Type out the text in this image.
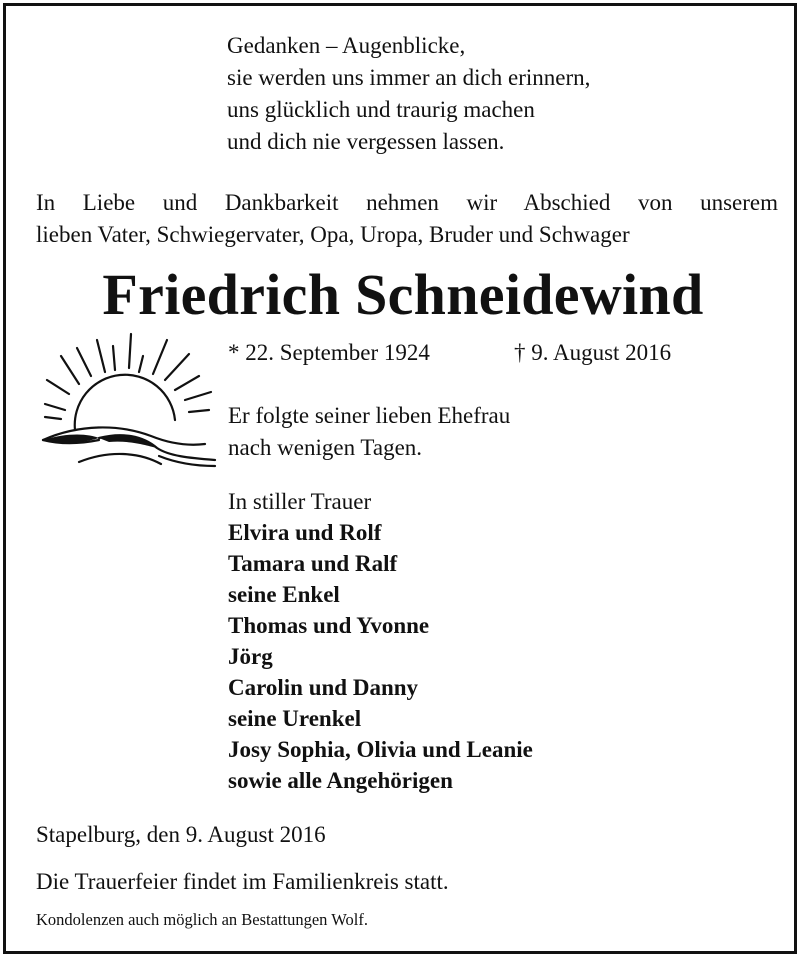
Gedanken – Augenblicke,
sie werden uns immer an dich erinnern,
uns glücklich und traurig machen
und dich nie vergessen lassen.
In Liebe und Dankbarkeit nehmen wir Abschied von unserem
lieben Vater, Schwiegervater, Opa, Uropa, Bruder und Schwager
Friedrich Schneidewind
* 22. September 1924	† 9. August 2016
Er folgte seiner lieben Ehefrau
nach wenigen Tagen.
In stiller Trauer
Elvira und Rolf
Tamara und Ralf
seine Enkel
Thomas und Yvonne
Jörg
Carolin und Danny
seine Urenkel
Josy Sophia, Olivia und Leanie
sowie alle Angehörigen
Stapelburg, den 9. August 2016
Die Trauerfeier findet im Familienkreis statt.
Kondolenzen auch möglich an Bestattungen Wolf.
